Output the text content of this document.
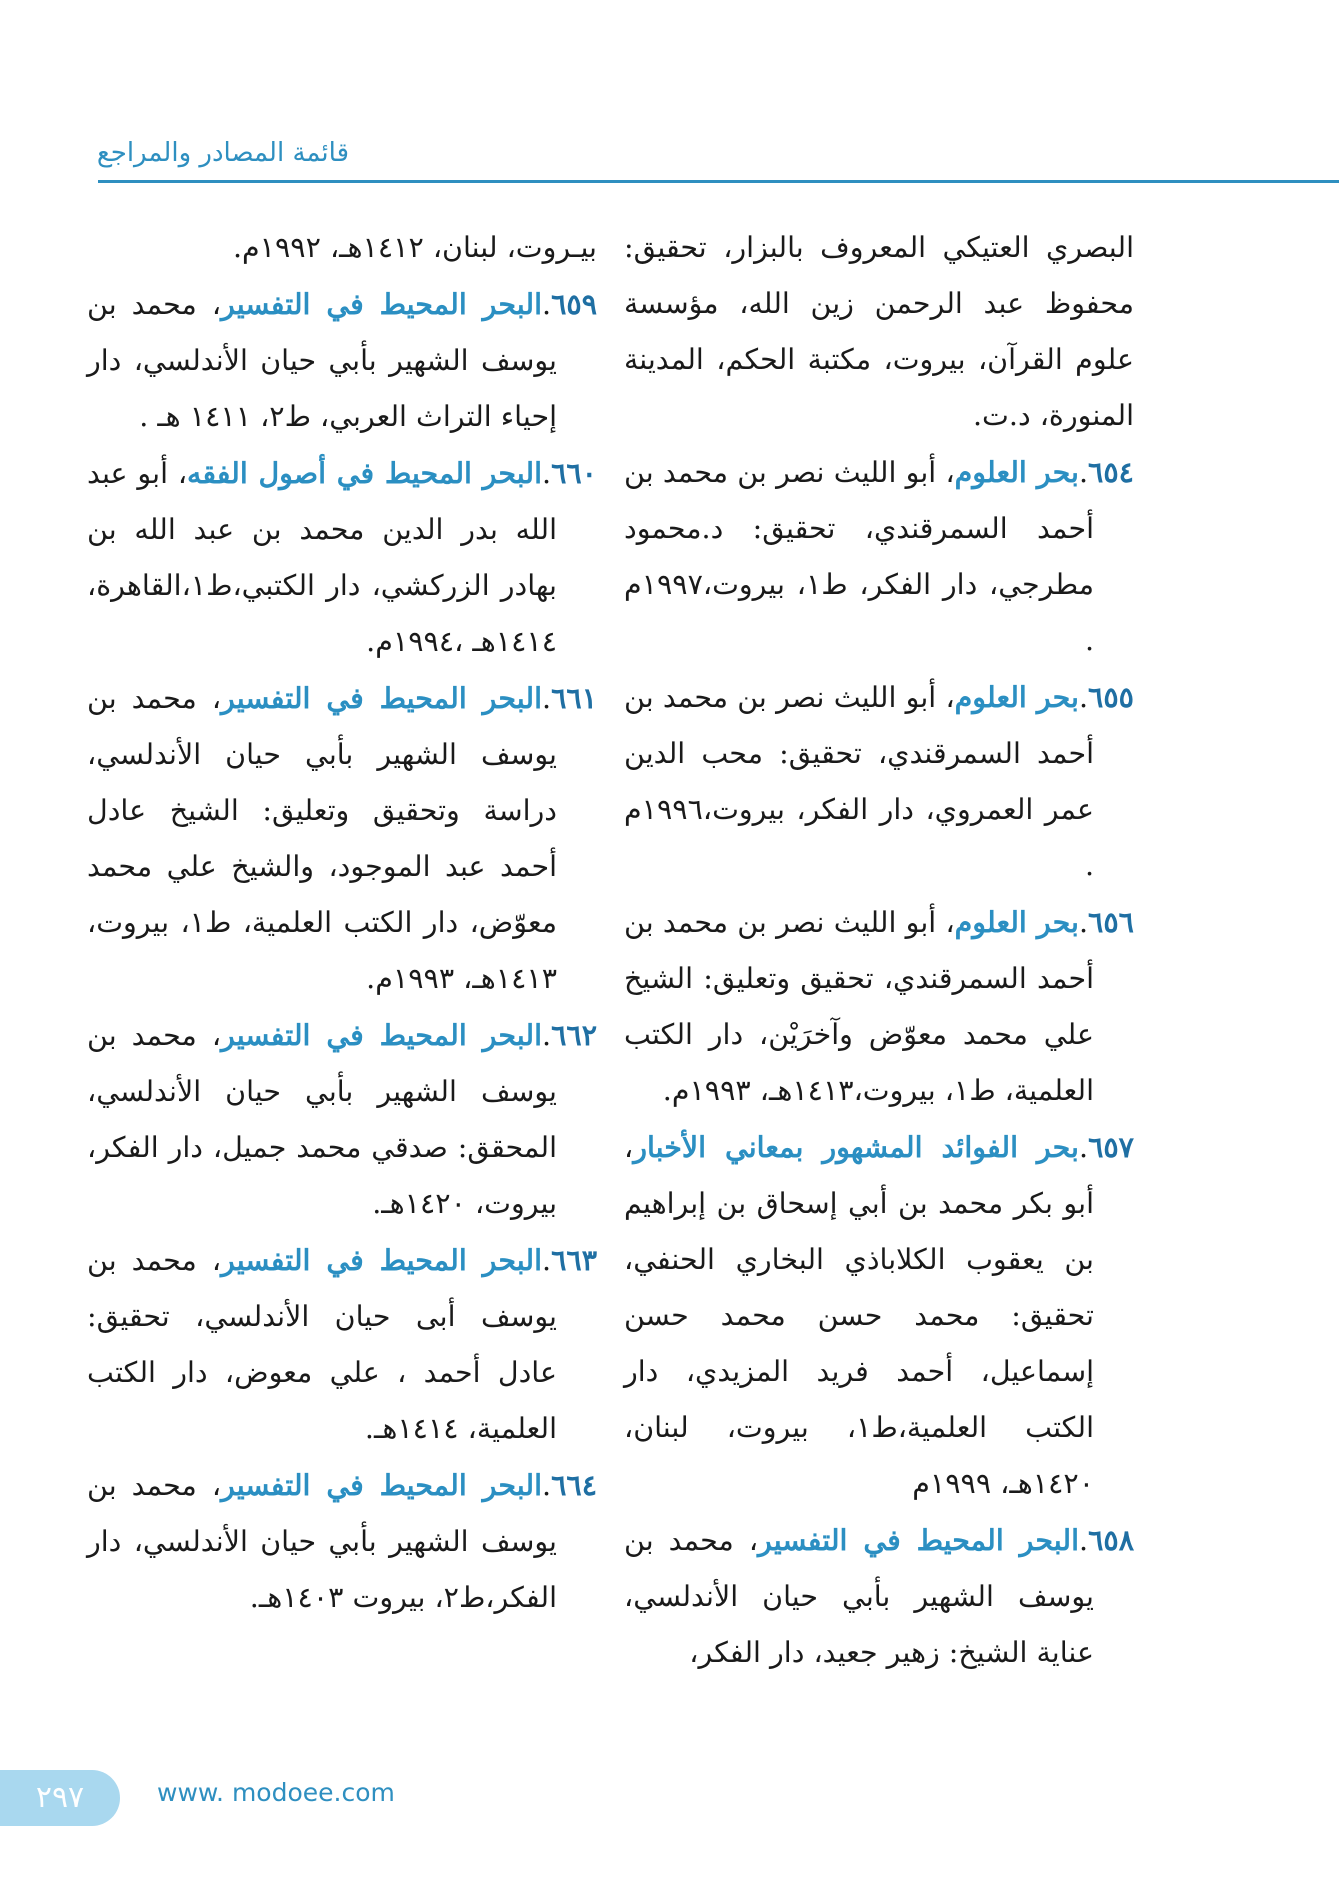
قائمة المصادر والمراجع

البصري العتيكي المعروف بالبزار، تحقيق: محفوظ عبد الرحمن زين الله، مؤسسة علوم القرآن، بيروت، مكتبة الحكم، المدينة المنورة، د.ت.

٦٥٤.بحر العلوم، أبو الليث نصر بن محمد بن أحمد السمرقندي، تحقيق: د.محمود مطرجي، دار الفكر، ط١، بيروت،١٩٩٧م .

٦٥٥.بحر العلوم، أبو الليث نصر بن محمد بن أحمد السمرقندي، تحقيق: محب الدين عمر العمروي، دار الفكر، بيروت،١٩٩٦م .

٦٥٦.بحر العلوم، أبو الليث نصر بن محمد بن أحمد السمرقندي، تحقيق وتعليق: الشيخ علي محمد معوّض وآخرَيْن، دار الكتب العلمية، ط١، بيروت،١٤١٣هـ، ١٩٩٣م.

٦٥٧.بحر الفوائد المشهور بمعاني الأخبار، أبو بكر محمد بن أبي إسحاق بن إبراهيم بن يعقوب الكلاباذي البخاري الحنفي، تحقيق: محمد حسن محمد حسن إسماعيل، أحمد فريد المزيدي، دار الكتب العلمية،ط١، بيروت، لبنان، ١٤٢٠هـ، ١٩٩٩م

٦٥٨.البحر المحيط في التفسير، محمد بن يوسف الشهير بأبي حيان الأندلسي، عناية الشيخ: زهير جعيد، دار الفكر،

بيـروت، لبنان، ١٤١٢هـ، ١٩٩٢م.

٦٥٩.البحر المحيط في التفسير، محمد بن يوسف الشهير بأبي حيان الأندلسي، دار إحياء التراث العربي، ط٢، ١٤١١ هـ .

٦٦٠.البحر المحيط في أصول الفقه، أبو عبد الله بدر الدين محمد بن عبد الله بن بهادر الزركشي، دار الكتبي،ط١،القاهرة، ١٤١٤هـ ،١٩٩٤م.

٦٦١.البحر المحيط في التفسير، محمد بن يوسف الشهير بأبي حيان الأندلسي، دراسة وتحقيق وتعليق: الشيخ عادل أحمد عبد الموجود، والشيخ علي محمد معوّض، دار الكتب العلمية، ط١، بيروت، ١٤١٣هـ، ١٩٩٣م.

٦٦٢.البحر المحيط في التفسير، محمد بن يوسف الشهير بأبي حيان الأندلسي، المحقق: صدقي محمد جميل، دار الفكر، بيروت، ١٤٢٠هـ.

٦٦٣.البحر المحيط في التفسير، محمد بن يوسف أبى حيان الأندلسي، تحقيق: عادل أحمد ، علي معوض، دار الكتب العلمية، ١٤١٤هـ.

٦٦٤.البحر المحيط في التفسير، محمد بن يوسف الشهير بأبي حيان الأندلسي، دار الفكر،ط٢، بيروت ١٤٠٣هـ.

٢٩٧	www. modoee.com
